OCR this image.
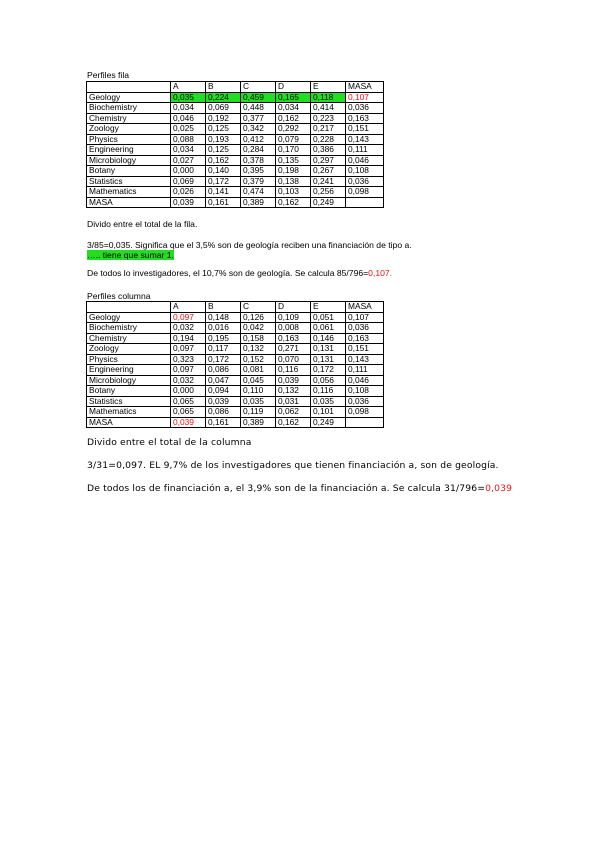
Perfiles fila
	A	B	C	D	E	MASA
Geology	0,035	0,224	0,459	0,165	0,118	0,107
Biochemistry	0,034	0,069	0,448	0,034	0,414	0,036
Chemistry	0,046	0,192	0,377	0,162	0,223	0,163
Zoology	0,025	0,125	0,342	0,292	0,217	0,151
Physics	0,088	0,193	0,412	0,079	0,228	0,143
Engineering	0,034	0,125	0,284	0,170	0,386	0,111
Microbiology	0,027	0,162	0,378	0,135	0,297	0,046
Botany	0,000	0,140	0,395	0,198	0,267	0,108
Statistics	0,069	0,172	0,379	0,138	0,241	0,036
Mathematics	0,026	0,141	0,474	0,103	0,256	0,098
MASA	0,039	0,161	0,389	0,162	0,249	
Divido entre el total de la fila.
3/85=0,035. Significa que el 3,5% son de geología reciben una financiación de tipo a.
….. tiene que sumar 1.
De todos lo investigadores, el 10,7% son de geología. Se calcula 85/796=0,107.
Perfiles columna
	A	B	C	D	E	MASA
Geology	0,097	0,148	0,126	0,109	0,051	0,107
Biochemistry	0,032	0,016	0,042	0,008	0,061	0,036
Chemistry	0,194	0,195	0,158	0,163	0,146	0,163
Zoology	0,097	0,117	0,132	0,271	0,131	0,151
Physics	0,323	0,172	0,152	0,070	0,131	0,143
Engineering	0,097	0,086	0,081	0,116	0,172	0,111
Microbiology	0,032	0,047	0,045	0,039	0,056	0,046
Botany	0,000	0,094	0,110	0,132	0,116	0,108
Statistics	0,065	0,039	0,035	0,031	0,035	0,036
Mathematics	0,065	0,086	0,119	0,062	0,101	0,098
MASA	0,039	0,161	0,389	0,162	0,249	
Divido entre el total de la columna
3/31=0,097. EL 9,7% de los investigadores que tienen financiación a, son de geología.
De todos los de financiación a, el 3,9% son de la financiación a. Se calcula 31/796=0,039
